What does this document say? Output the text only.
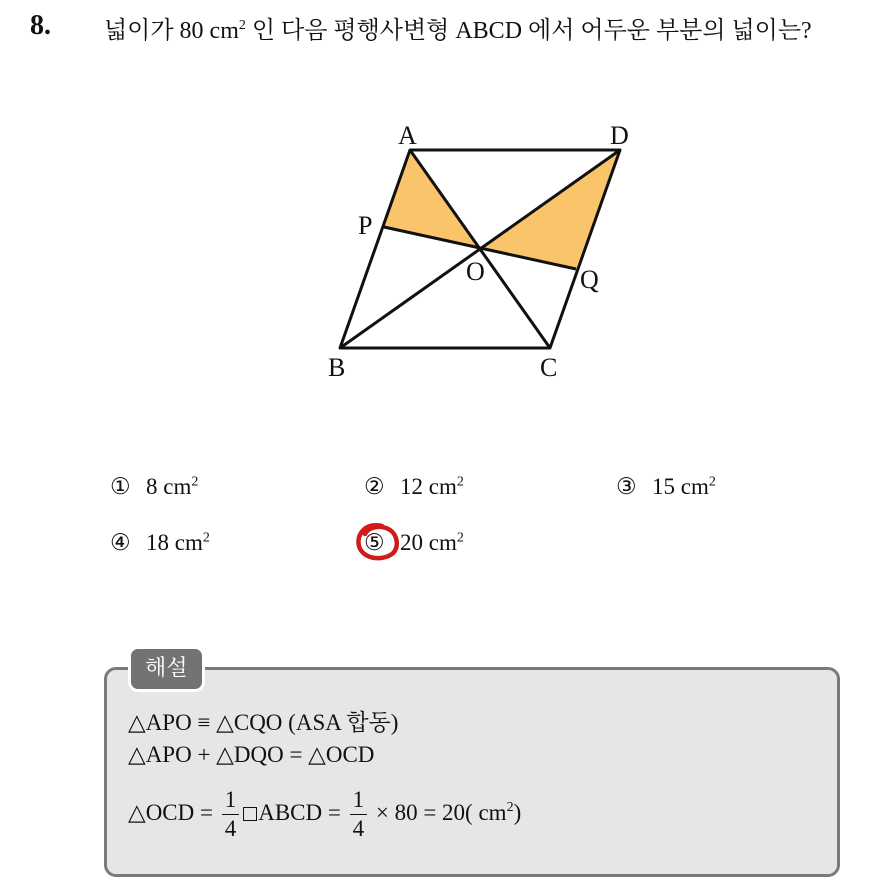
8. 넓이가 80 $cm^2$ 인 다음 평행사변형 ABCD 에서 어두운 부분의 넓이는?
A	D
P
O	Q
B	C
① 8 $cm^2$	② 12 $cm^2$	③ 15 $cm^2$
④ 18 $cm^2$	⑤ 20 $cm^2$
해설
△APO ≡ △CQO (ASA 합동)
△APO + △DQO = △OCD
△OCD = $\frac{1}{4}$ ABCD = $\frac{1}{4} \times 80 = 20$( $cm^2$)
